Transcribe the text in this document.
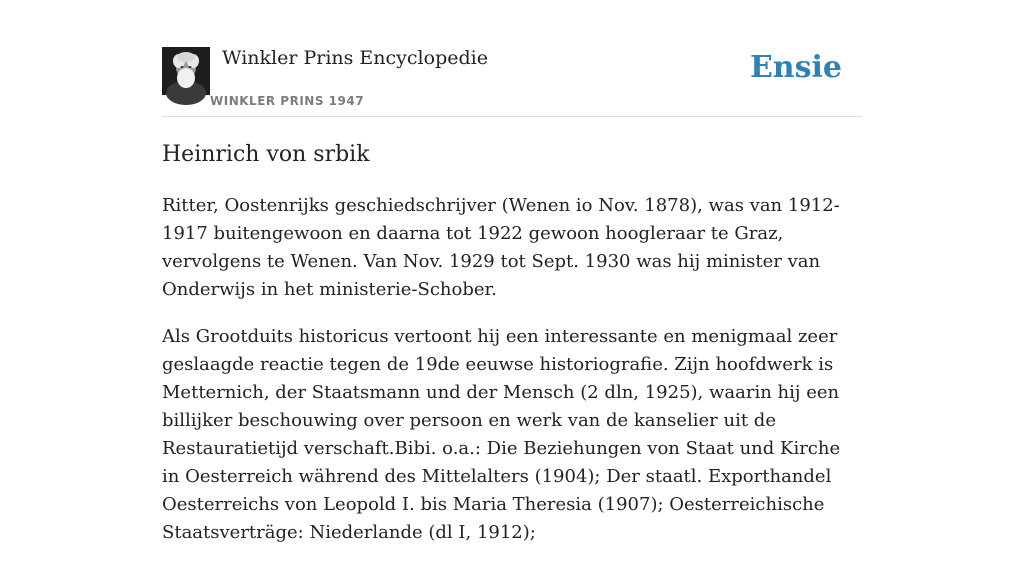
Winkler Prins Encyclopedie
WINKLER PRINS 1947
Ensie
Heinrich von srbik

Ritter, Oostenrijks geschiedschrijver (Wenen io Nov. 1878), was van 1912-1917 buitengewoon en daarna tot 1922 gewoon hoogleraar te Graz, vervolgens te Wenen. Van Nov. 1929 tot Sept. 1930 was hij minister van Onderwijs in het ministerie-Schober.

Als Grootduits historicus vertoont hij een interessante en menigmaal zeer geslaagde reactie tegen de 19de eeuwse historiografie. Zijn hoofdwerk is Metternich, der Staatsmann und der Mensch (2 dln, 1925), waarin hij een billijker beschouwing over persoon en werk van de kanselier uit de Restauratietijd verschaft.Bibi. o.a.: Die Beziehungen von Staat und Kirche in Oesterreich während des Mittelalters (1904); Der staatl. Exporthandel Oesterreichs von Leopold I. bis Maria Theresia (1907); Oesterreichische Staatsverträge: Niederlande (dl I, 1912);
